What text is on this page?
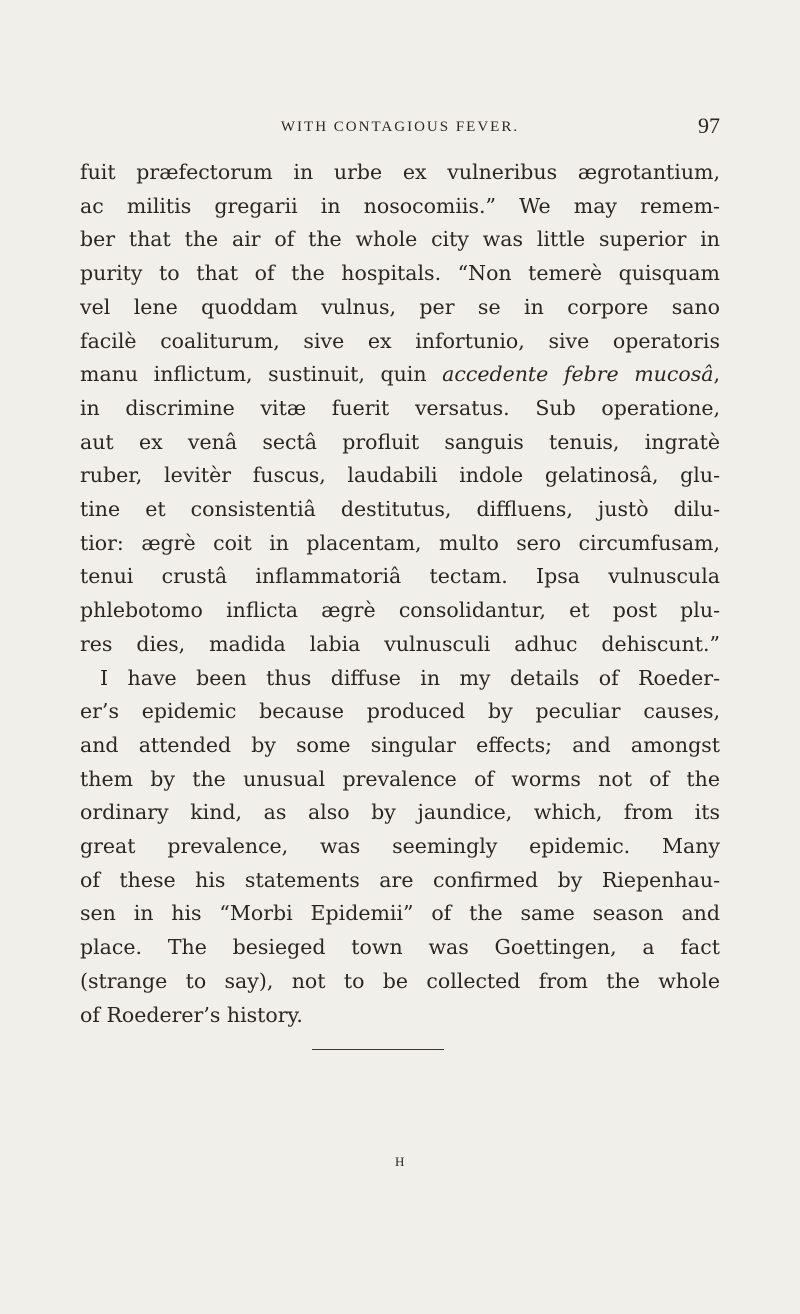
WITH CONTAGIOUS FEVER.	97
fuit præfectorum in urbe ex vulneribus ægrotantium,
ac militis gregarii in nosocomiis.” We may remem-
ber that the air of the whole city was little superior in
purity to that of the hospitals. “Non temerè quisquam
vel lene quoddam vulnus, per se in corpore sano
facilè coaliturum, sive ex infortunio, sive operatoris
manu inflictum, sustinuit, quin accedente febre mucosâ,
in discrimine vitæ fuerit versatus. Sub operatione,
aut ex venâ sectâ profluit sanguis tenuis, ingratè
ruber, levitèr fuscus, laudabili indole gelatinosâ, glu-
tine et consistentiâ destitutus, diffluens, justò dilu-
tior: ægrè coit in placentam, multo sero circumfusam,
tenui crustâ inflammatoriâ tectam. Ipsa vulnuscula
phlebotomo inflicta ægrè consolidantur, et post plu-
res dies, madida labia vulnusculi adhuc dehiscunt.”
I have been thus diffuse in my details of Roeder-
er’s epidemic because produced by peculiar causes,
and attended by some singular effects; and amongst
them by the unusual prevalence of worms not of the
ordinary kind, as also by jaundice, which, from its
great prevalence, was seemingly epidemic. Many
of these his statements are confirmed by Riepenhau-
sen in his “Morbi Epidemii” of the same season and
place. The besieged town was Goettingen, a fact
(strange to say), not to be collected from the whole
of Roederer’s history.
H
